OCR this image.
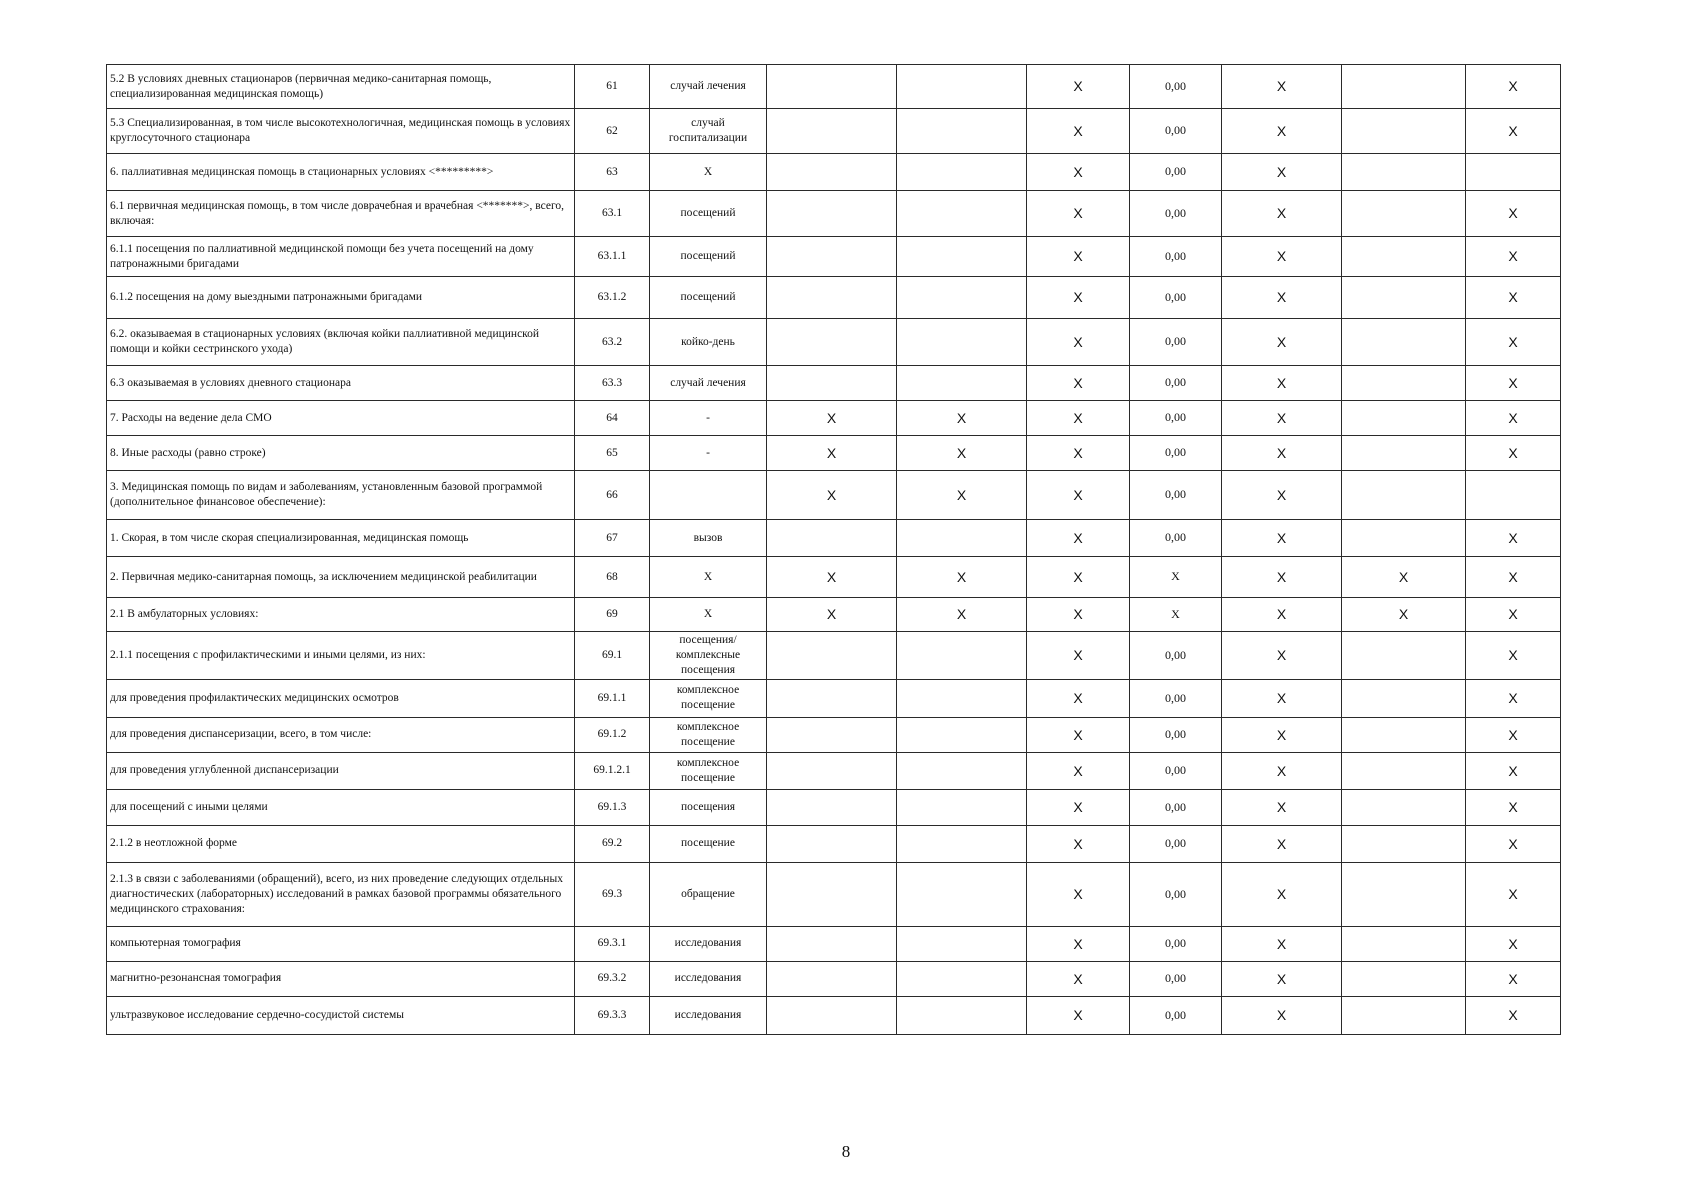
5.2 В условиях дневных стационаров (первичная медико-санитарная помощь, специализированная медицинская помощь)	61	случай лечения			X	0,00	X		X
5.3 Специализированная, в том числе высокотехнологичная, медицинская помощь в условиях круглосуточного стационара	62	случай госпитализации			X	0,00	X		X
6. паллиативная медицинская помощь в стационарных условиях <*********>	63	X			X	0,00	X		
6.1 первичная медицинская помощь, в том числе доврачебная и врачебная <*******>, всего, включая:	63.1	посещений			X	0,00	X		X
6.1.1 посещения по паллиативной медицинской помощи без учета посещений на дому патронажными бригадами	63.1.1	посещений			X	0,00	X		X
6.1.2 посещения на дому выездными патронажными бригадами	63.1.2	посещений			X	0,00	X		X
6.2. оказываемая в стационарных условиях (включая койки паллиативной медицинской помощи и койки сестринского ухода)	63.2	койко-день			X	0,00	X		X
6.3 оказываемая в условиях дневного стационара	63.3	случай лечения			X	0,00	X		X
7. Расходы на ведение дела СМО	64	-	X	X	X	0,00	X		X
8. Иные расходы (равно строке)	65	-	X	X	X	0,00	X		X
3. Медицинская помощь по видам и заболеваниям, установленным базовой программой (дополнительное финансовое обеспечение):	66		X	X	X	0,00	X		
1. Скорая, в том числе скорая специализированная, медицинская помощь	67	вызов			X	0,00	X		X
2. Первичная медико-санитарная помощь, за исключением медицинской реабилитации	68	X	X	X	X	X	X	X	X
2.1 В амбулаторных условиях:	69	X	X	X	X	X	X	X	X
2.1.1 посещения с профилактическими и иными целями, из них:	69.1	посещения/ комплексные посещения			X	0,00	X		X
для проведения профилактических медицинских осмотров	69.1.1	комплексное посещение			X	0,00	X		X
для проведения диспансеризации, всего, в том числе:	69.1.2	комплексное посещение			X	0,00	X		X
для проведения углубленной диспансеризации	69.1.2.1	комплексное посещение			X	0,00	X		X
для посещений с иными целями	69.1.3	посещения			X	0,00	X		X
2.1.2 в неотложной форме	69.2	посещение			X	0,00	X		X
2.1.3 в связи с заболеваниями (обращений), всего, из них проведение следующих отдельных диагностических (лабораторных) исследований в рамках базовой программы обязательного медицинского страхования:	69.3	обращение			X	0,00	X		X
компьютерная томография	69.3.1	исследования			X	0,00	X		X
магнитно-резонансная томография	69.3.2	исследования			X	0,00	X		X
ультразвуковое исследование сердечно-сосудистой системы	69.3.3	исследования			X	0,00	X		X
8
